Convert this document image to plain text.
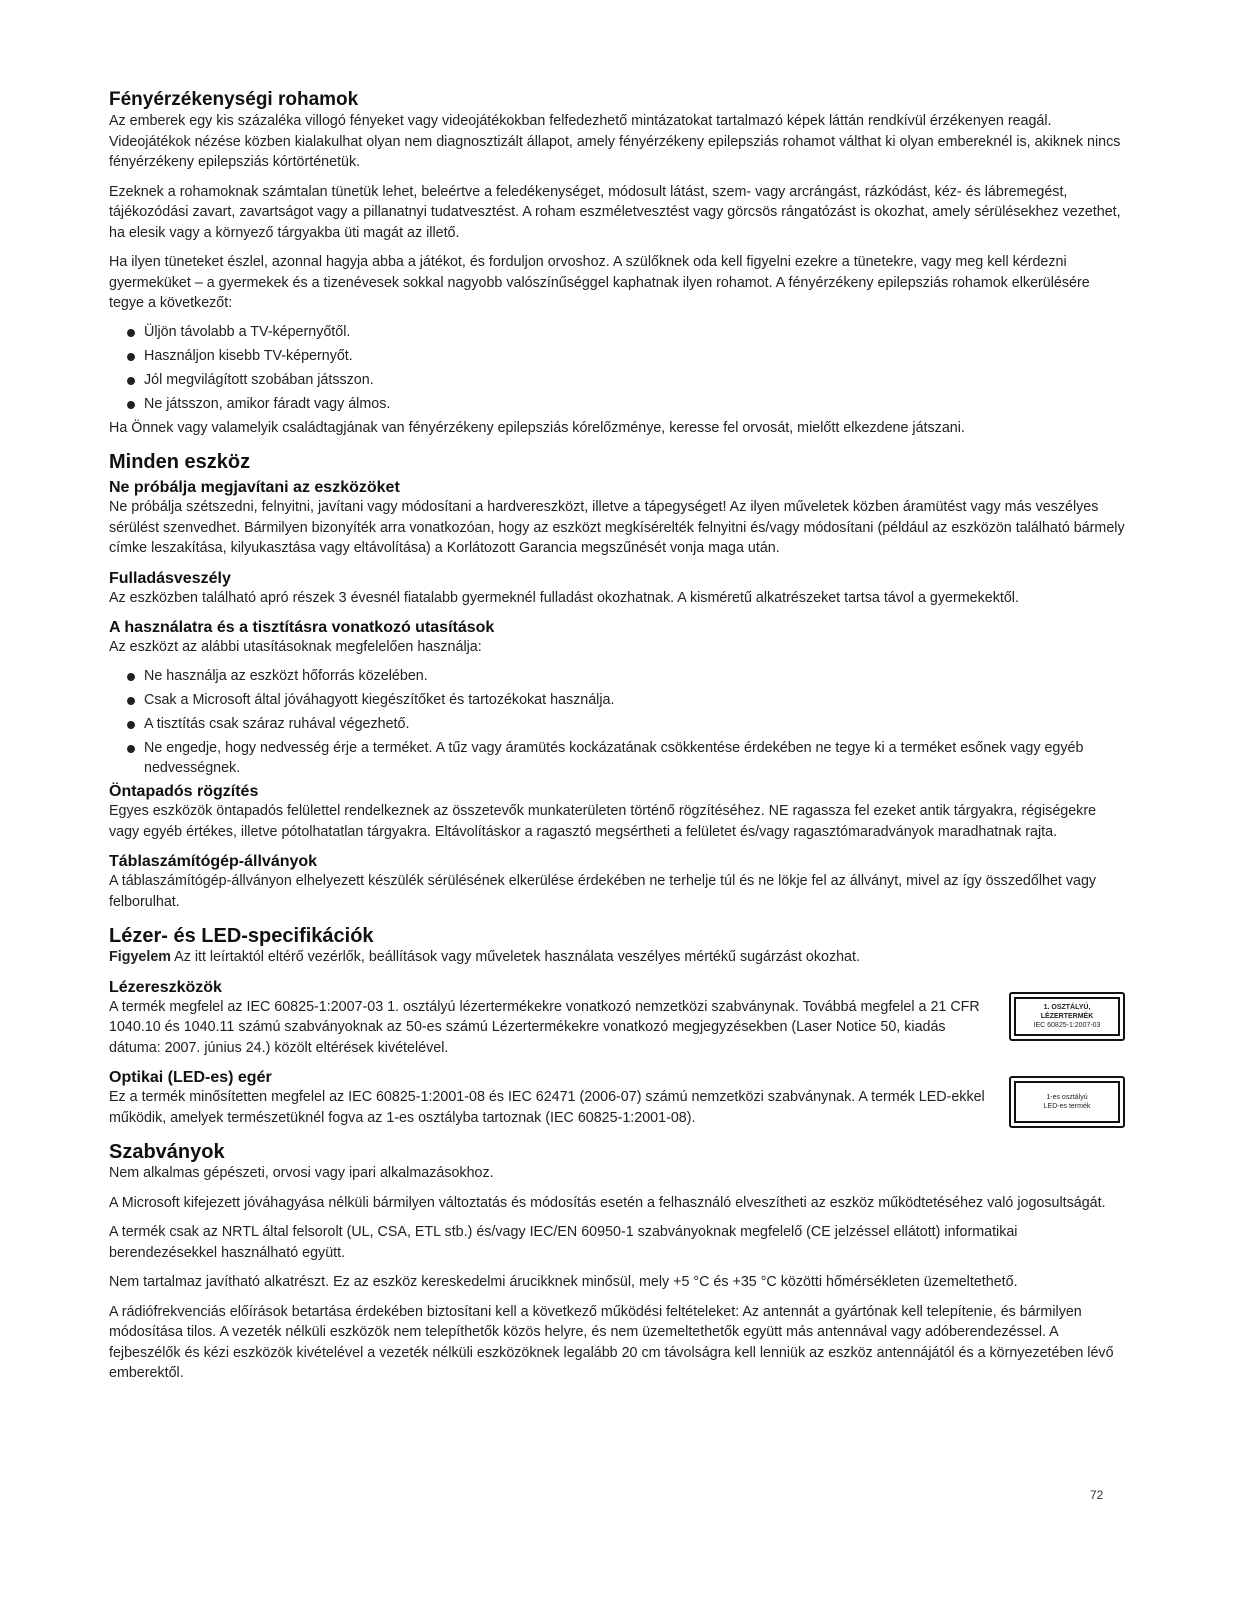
Fényérzékenységi rohamok

Az emberek egy kis százaléka villogó fényeket vagy videojátékokban felfedezhető mintázatokat tartalmazó képek láttán rendkívül érzékenyen reagál. Videojátékok nézése közben kialakulhat olyan nem diagnosztizált állapot, amely fényérzékeny epilepsziás rohamot válthat ki olyan embereknél is, akiknek nincs fényérzékeny epilepsziás kórtörténetük.

Ezeknek a rohamoknak számtalan tünetük lehet, beleértve a feledékenységet, módosult látást, szem- vagy arcrángást, rázkódást, kéz- és lábremegést, tájékozódási zavart, zavartságot vagy a pillanatnyi tudatvesztést. A roham eszméletvesztést vagy görcsös rángatózást is okozhat, amely sérülésekhez vezethet, ha elesik vagy a környező tárgyakba üti magát az illető.

Ha ilyen tüneteket észlel, azonnal hagyja abba a játékot, és forduljon orvoshoz. A szülőknek oda kell figyelni ezekre a tünetekre, vagy meg kell kérdezni gyermeküket – a gyermekek és a tizenévesek sokkal nagyobb valószínűséggel kaphatnak ilyen rohamot. A fényérzékeny epilepsziás rohamok elkerülésére tegye a következőt:

Üljön távolabb a TV-képernyőtől.
Használjon kisebb TV-képernyőt.
Jól megvilágított szobában játsszon.
Ne játsszon, amikor fáradt vagy álmos.

Ha Önnek vagy valamelyik családtagjának van fényérzékeny epilepsziás kórelőzménye, keresse fel orvosát, mielőtt elkezdene játszani.

Minden eszköz
Ne próbálja megjavítani az eszközöket

Ne próbálja szétszedni, felnyitni, javítani vagy módosítani a hardvereszközt, illetve a tápegységet! Az ilyen műveletek közben áramütést vagy más veszélyes sérülést szenvedhet. Bármilyen bizonyíték arra vonatkozóan, hogy az eszközt megkísérelték felnyitni és/vagy módosítani (például az eszközön található bármely címke leszakítása, kilyukasztása vagy eltávolítása) a Korlátozott Garancia megszűnését vonja maga után.

Fulladásveszély

Az eszközben található apró részek 3 évesnél fiatalabb gyermeknél fulladást okozhatnak. A kisméretű alkatrészeket tartsa távol a gyermekektől.

A használatra és a tisztításra vonatkozó utasítások

Az eszközt az alábbi utasításoknak megfelelően használja:

Ne használja az eszközt hőforrás közelében.
Csak a Microsoft által jóváhagyott kiegészítőket és tartozékokat használja.
A tisztítás csak száraz ruhával végezhető.
Ne engedje, hogy nedvesség érje a terméket. A tűz vagy áramütés kockázatának csökkentése érdekében ne tegye ki a terméket esőnek vagy egyéb nedvességnek.
Öntapadós rögzítés

Egyes eszközök öntapadós felülettel rendelkeznek az összetevők munkaterületen történő rögzítéséhez. NE ragassza fel ezeket antik tárgyakra, régiségekre vagy egyéb értékes, illetve pótolhatatlan tárgyakra. Eltávolításkor a ragasztó megsértheti a felületet és/vagy ragasztómaradványok maradhatnak rajta.

Táblaszámítógép-állványok

A táblaszámítógép-állványon elhelyezett készülék sérülésének elkerülése érdekében ne terhelje túl és ne lökje fel az állványt, mivel az így összedőlhet vagy felborulhat.

Lézer- és LED-specifikációk

Figyelem Az itt leírtaktól eltérő vezérlők, beállítások vagy műveletek használata veszélyes mértékű sugárzást okozhat.

Lézereszközök

A termék megfelel az IEC 60825-1:2007-03 1. osztályú lézertermékekre vonatkozó nemzetközi szabványnak. Továbbá megfelel a 21 CFR 1040.10 és 1040.11 számú szabványoknak az 50-es számú Lézertermékekre vonatkozó megjegyzésekben (Laser Notice 50, kiadás dátuma: 2007. június 24.) közölt eltérések kivételével.

1. OSZTÁLYÚ,
LÉZERTERMÉK
IEC 60825-1:2007-03
Optikai (LED-es) egér

Ez a termék minősítetten megfelel az IEC 60825-1:2001-08 és IEC 62471 (2006-07) számú nemzetközi szabványnak. A termék LED-ekkel működik, amelyek természetüknél fogva az 1-es osztályba tartoznak (IEC 60825-1:2001-08).

1-es osztályú
LED-es termék
Szabványok

Nem alkalmas gépészeti, orvosi vagy ipari alkalmazásokhoz.

A Microsoft kifejezett jóváhagyása nélküli bármilyen változtatás és módosítás esetén a felhasználó elveszítheti az eszköz működtetéséhez való jogosultságát.

A termék csak az NRTL által felsorolt (UL, CSA, ETL stb.) és/vagy IEC/EN 60950-1 szabványoknak megfelelő (CE jelzéssel ellátott) informatikai berendezésekkel használható együtt.

Nem tartalmaz javítható alkatrészt. Ez az eszköz kereskedelmi árucikknek minősül, mely +5 °C és +35 °C közötti hőmérsékleten üzemeltethető.

A rádiófrekvenciás előírások betartása érdekében biztosítani kell a következő működési feltételeket: Az antennát a gyártónak kell telepítenie, és bármilyen módosítása tilos. A vezeték nélküli eszközök nem telepíthetők közös helyre, és nem üzemeltethetők együtt más antennával vagy adóberendezéssel. A fejbeszélők és kézi eszközök kivételével a vezeték nélküli eszközöknek legalább 20 cm távolságra kell lenniük az eszköz antennájától és a környezetében lévő emberektől.

72
